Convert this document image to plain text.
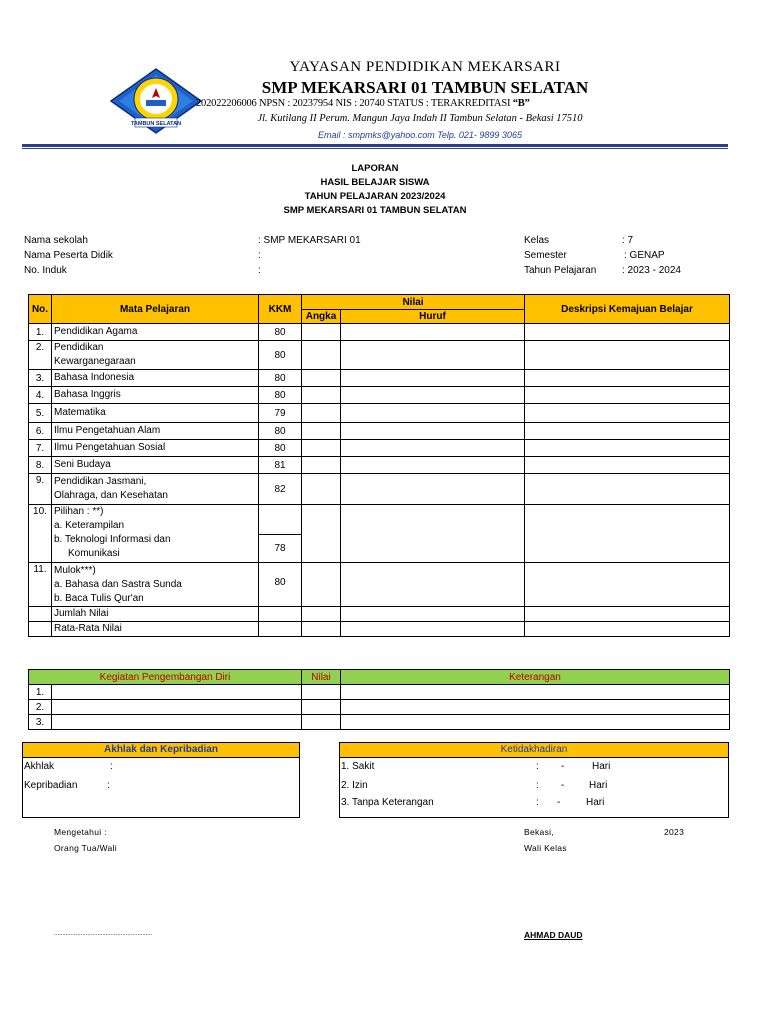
TAMBUN SELATAN
YAYASAN PENDIDIKAN MEKARSARI
SMP MEKARSARI 01 TAMBUN SELATAN
202022206006 NPSN : 20237954 NIS : 20740 STATUS : TERAKREDITASI “B”
Jl. Kutilang II Perum. Mangun Jaya Indah II Tambun Selatan - Bekasi 17510
Email : smpmks@yahoo.com Telp. 021- 9899 3065
LAPORAN
HASIL BELAJAR SISWA
TAHUN PELAJARAN 2023/2024
SMP MEKARSARI 01 TAMBUN SELATAN
Nama sekolah	: SMP MEKARSARI 01
Nama Peserta Didik	:
No. Induk	:
Kelas	: 7
Semester	: GENAP
Tahun Pelajaran	: 2023 - 2024
No.	Mata Pelajaran	KKM	Nilai		Deskripsi Kemajuan Belajar
			Angka	Huruf	
1.	Pendidikan Agama	80			
2.	Pendidikan
Kewarganegaraan	80			
3.	Bahasa Indonesia	80			
4.	Bahasa Inggris	80			
5.	Matematika	79			
6.	Ilmu Pengetahuan Alam	80			
7.	Ilmu Pengetahuan Sosial	80			
8.	Seni Budaya	81			
9.	Pendidikan Jasmani,
Olahraga, dan Kesehatan	82			
10.	Pilihan : **)
a. Keterampilan
b. Teknologi Informasi dan
Komunikasi				

		78			
11.	Mulok***)
a. Bahasa dan Sastra Sunda
b. Baca Tulis Qur'an	80			
	Jumlah Nilai				
	Rata-Rata Nilai				
Kegiatan Pengembangan Diri		Nilai	Keterangan
1.			
2.			
3.			
Akhlak dan Kepribadian
Akhlak	:
Kepribadian	:
Ketidakhadiran
1. Sakit	: -	Hari
2. Izin	: - Hari
3. Tanpa Keterangan	: -	Hari
Mengetahui :
Orang Tua/Wali
...........................................................
Bekasi,	2023
Wali Kelas
AHMAD DAUD
